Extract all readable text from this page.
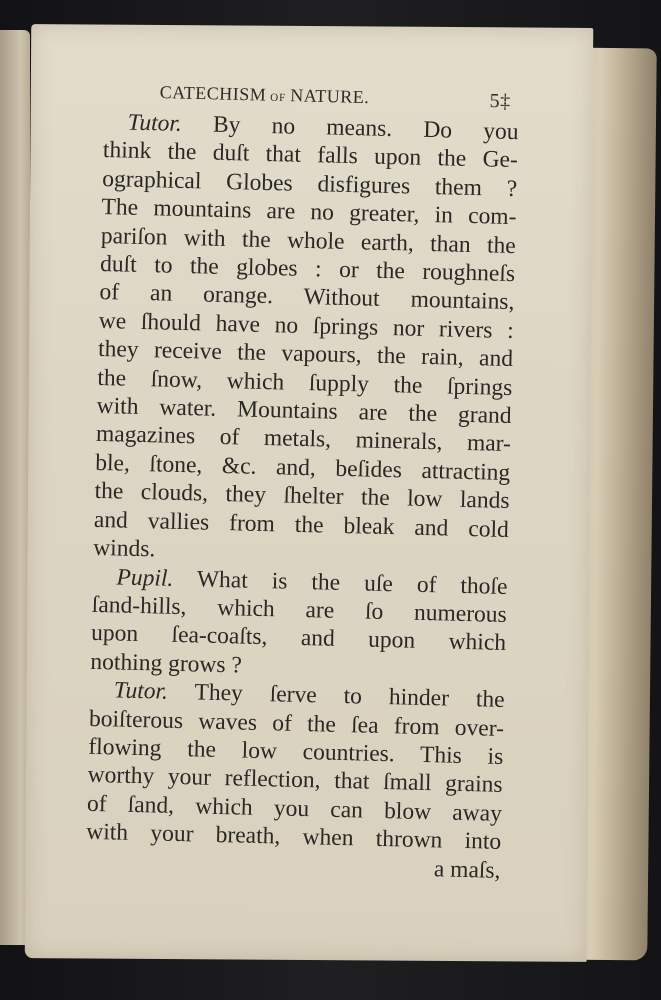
CATECHISM OF NATURE.	5‡
Tutor. By no means. Do you
think the duſt that falls upon the Ge-
ographical Globes disfigures them ?
The mountains are no greater, in com-
pariſon with the whole earth, than the
duſt to the globes : or the roughneſs
of an orange. Without mountains,
we ſhould have no ſprings nor rivers :
they receive the vapours, the rain, and
the ſnow, which ſupply the ſprings
with water. Mountains are the grand
magazines of metals, minerals, mar-
ble, ſtone, &c. and, beſides attracting
the clouds, they ſhelter the low lands
and vallies from the bleak and cold
winds.
Pupil. What is the uſe of thoſe
ſand-hills, which are ſo numerous
upon ſea-coaſts, and upon which
nothing grows ?
Tutor. They ſerve to hinder the
boiſterous waves of the ſea from over-
flowing the low countries. This is
worthy your reflection, that ſmall grains
of ſand, which you can blow away
with your breath, when thrown into
a maſs,
